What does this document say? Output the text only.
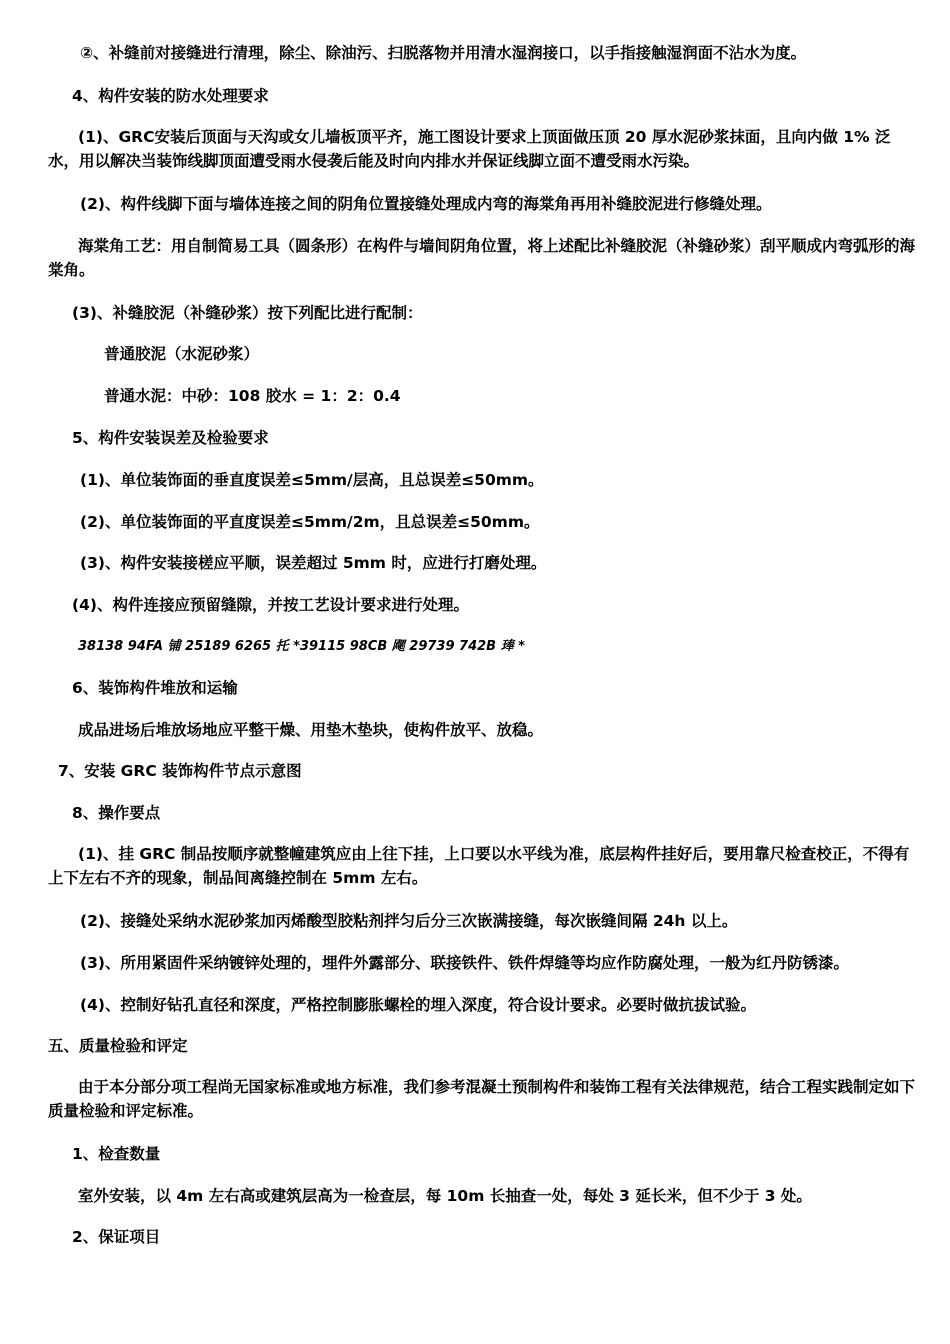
②、补缝前对接缝进行清理，除尘、除油污、扫脱落物并用清水湿润接口，以手指接触湿润面不沾水为度。

4、构件安装的防水处理要求

(1)、GRC安装后顶面与天沟或女儿墙板顶平齐，施工图设计要求上顶面做压顶 20 厚水泥砂浆抹面，且向内做 1% 泛水，用以解决当装饰线脚顶面遭受雨水侵袭后能及时向内排水并保证线脚立面不遭受雨水污染。

(2)、构件线脚下面与墙体连接之间的阴角位置接缝处理成内弯的海棠角再用补缝胶泥进行修缝处理。

海棠角工艺：用自制简易工具（圆条形）在构件与墙间阴角位置，将上述配比补缝胶泥（补缝砂浆）刮平顺成内弯弧形的海棠角。

(3)、补缝胶泥（补缝砂浆）按下列配比进行配制：

普通胶泥（水泥砂浆）

普通水泥：中砂：108 胶水 = 1：2：0.4

5、构件安装误差及检验要求

(1)、单位装饰面的垂直度误差≤5mm/层高，且总误差≤50mm。

(2)、单位装饰面的平直度误差≤5mm/2m，且总误差≤50mm。

(3)、构件安装接槎应平顺，误差超过 5mm 时，应进行打磨处理。

(4)、构件连接应预留缝隙，并按工艺设计要求进行处理。

38138 94FA 铺 25189 6265 托 *39115 98CB 飔 29739 742B 琫 *

6、装饰构件堆放和运输

成品进场后堆放场地应平整干燥、用垫木垫块，使构件放平、放稳。

7、安装 GRC 装饰构件节点示意图

8、操作要点

(1)、挂 GRC 制品按顺序就整幢建筑应由上往下挂，上口要以水平线为准，底层构件挂好后，要用靠尺检查校正，不得有上下左右不齐的现象，制品间离缝控制在 5mm 左右。

(2)、接缝处采纳水泥砂浆加丙烯酸型胶粘剂拌匀后分三次嵌满接缝，每次嵌缝间隔 24h 以上。

(3)、所用紧固件采纳镀锌处理的，埋件外露部分、联接铁件、铁件焊缝等均应作防腐处理，一般为红丹防锈漆。

(4)、控制好钻孔直径和深度，严格控制膨胀螺栓的埋入深度，符合设计要求。必要时做抗拔试验。

五、质量检验和评定

由于本分部分项工程尚无国家标准或地方标准，我们参考混凝土预制构件和装饰工程有关法律规范，结合工程实践制定如下质量检验和评定标准。

1、检查数量

室外安装，以 4m 左右高或建筑层高为一检查层，每 10m 长抽查一处，每处 3 延长米，但不少于 3 处。

2、保证项目
